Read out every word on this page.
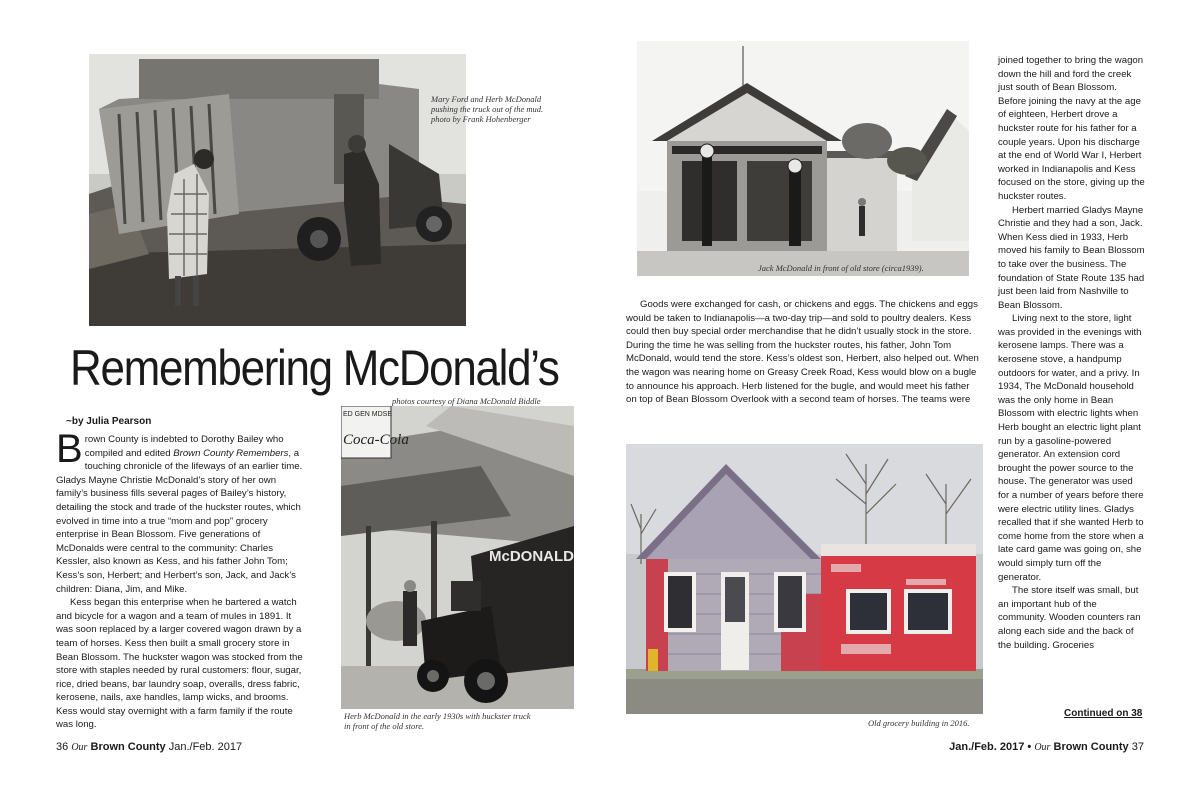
Mary Ford and Herb McDonald
pushing the truck out of the mud.
photo by Frank Hohenberger
Remembering McDonald’s
photos courtesy of Diana McDonald Biddle
~by Julia Pearson

Brown County is indebted to Dorothy Bailey who compiled and edited Brown County Remembers, a touching chronicle of the lifeways of an earlier time. Gladys Mayne Christie McDonald’s story of her own family’s business fills several pages of Bailey’s history, detailing the stock and trade of the huckster routes, which evolved in time into a true “mom and pop” grocery enterprise in Bean Blossom. Five generations of McDonalds were central to the community: Charles Kessler, also known as Kess, and his father John Tom; Kess’s son, Herbert; and Herbert’s son, Jack, and Jack’s children: Diana, Jim, and Mike.

Kess began this enterprise when he bartered a watch and bicycle for a wagon and a team of mules in 1891. It was soon replaced by a larger covered wagon drawn by a team of horses. Kess then built a small grocery store in Bean Blossom. The huckster wagon was stocked from the store with staples needed by rural customers: flour, sugar, rice, dried beans, bar laundry soap, overalls, dress fabric, kerosene, nails, axe handles, lamp wicks, and brooms. Kess would stay overnight with a farm family if the route was long.

ED GEN MDSE
Coca-Cola
McDONALD
Herb McDonald in the early 1930s with huckster truck
in front of the old store.
36 Our Brown County Jan./Feb. 2017
Jack McDonald in front of old store (circa1939).

Goods were exchanged for cash, or chickens and eggs. The chickens and eggs would be taken to Indianapolis—a two-day trip—and sold to poultry dealers. Kess could then buy special order merchandise that he didn’t usually stock in the store. During the time he was selling from the huckster routes, his father, John Tom McDonald, would tend the store. Kess’s oldest son, Herbert, also helped out. When the wagon was nearing home on Greasy Creek Road, Kess would blow on a bugle to announce his approach. Herb listened for the bugle, and would meet his father on top of Bean Blossom Overlook with a second team of horses. The teams were

Old grocery building in 2016.

joined together to bring the wagon down the hill and ford the creek just south of Bean Blossom. Before joining the navy at the age of eighteen, Herbert drove a huckster route for his father for a couple years. Upon his discharge at the end of World War I, Herbert worked in Indianapolis and Kess focused on the store, giving up the huckster routes.

Herbert married Gladys Mayne Christie and they had a son, Jack. When Kess died in 1933, Herb moved his family to Bean Blossom to take over the business. The foundation of State Route 135 had just been laid from Nashville to Bean Blossom.

Living next to the store, light was provided in the evenings with kerosene lamps. There was a kerosene stove, a handpump outdoors for water, and a privy. In 1934, The McDonald household was the only home in Bean Blossom with electric lights when Herb bought an electric light plant run by a gasoline-powered generator. An extension cord brought the power source to the house. The generator was used for a number of years before there were electric utility lines. Gladys recalled that if she wanted Herb to come home from the store when a late card game was going on, she would simply turn off the generator.

The store itself was small, but an important hub of the community. Wooden counters ran along each side and the back of the building. Groceries

Continued on 38
Jan./Feb. 2017 • Our Brown County 37
